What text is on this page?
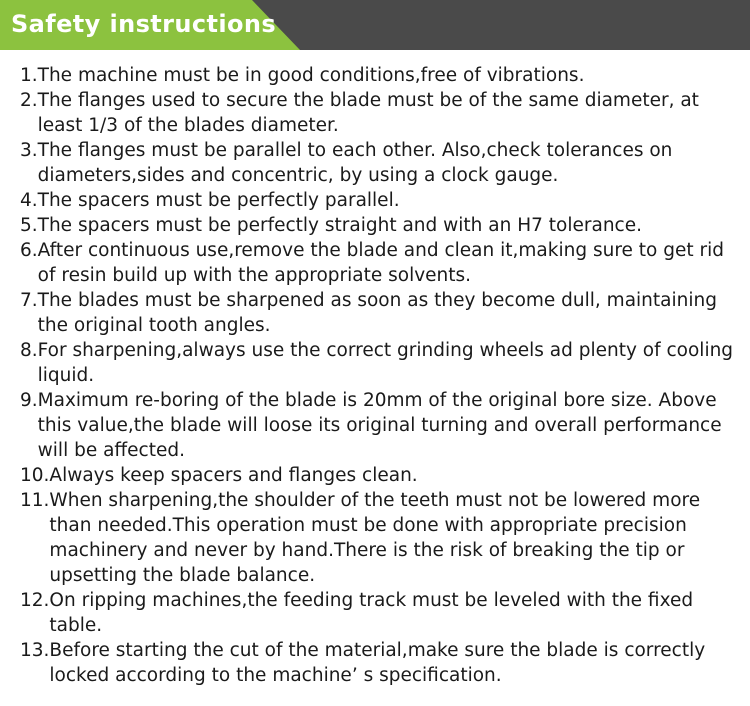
Safety instructions
1. The machine must be in good conditions,free of vibrations.
2. The flanges used to secure the blade must be of the same diameter, at least 1/3 of the blades diameter.
3. The flanges must be parallel to each other. Also,check tolerances on diameters,sides and concentric, by using a clock gauge.
4. The spacers must be perfectly parallel.
5. The spacers must be perfectly straight and with an H7 tolerance.
6. After continuous use,remove the blade and clean it,making sure to get rid of resin build up with the appropriate solvents.
7. The blades must be sharpened as soon as they become dull, maintaining the original tooth angles.
8. For sharpening,always use the correct grinding wheels ad plenty of cooling liquid.
9. Maximum re-boring of the blade is 20mm of the original bore size. Above this value,the blade will loose its original turning and overall performance will be affected.
10. Always keep spacers and flanges clean.
11. When sharpening,the shoulder of the teeth must not be lowered more than needed.This operation must be done with appropriate precision machinery and never by hand.There is the risk of breaking the tip or upsetting the blade balance.
12. On ripping machines,the feeding track must be leveled with the fixed table.
13. Before starting the cut of the material,make sure the blade is correctly locked according to the machine’ s specification.
